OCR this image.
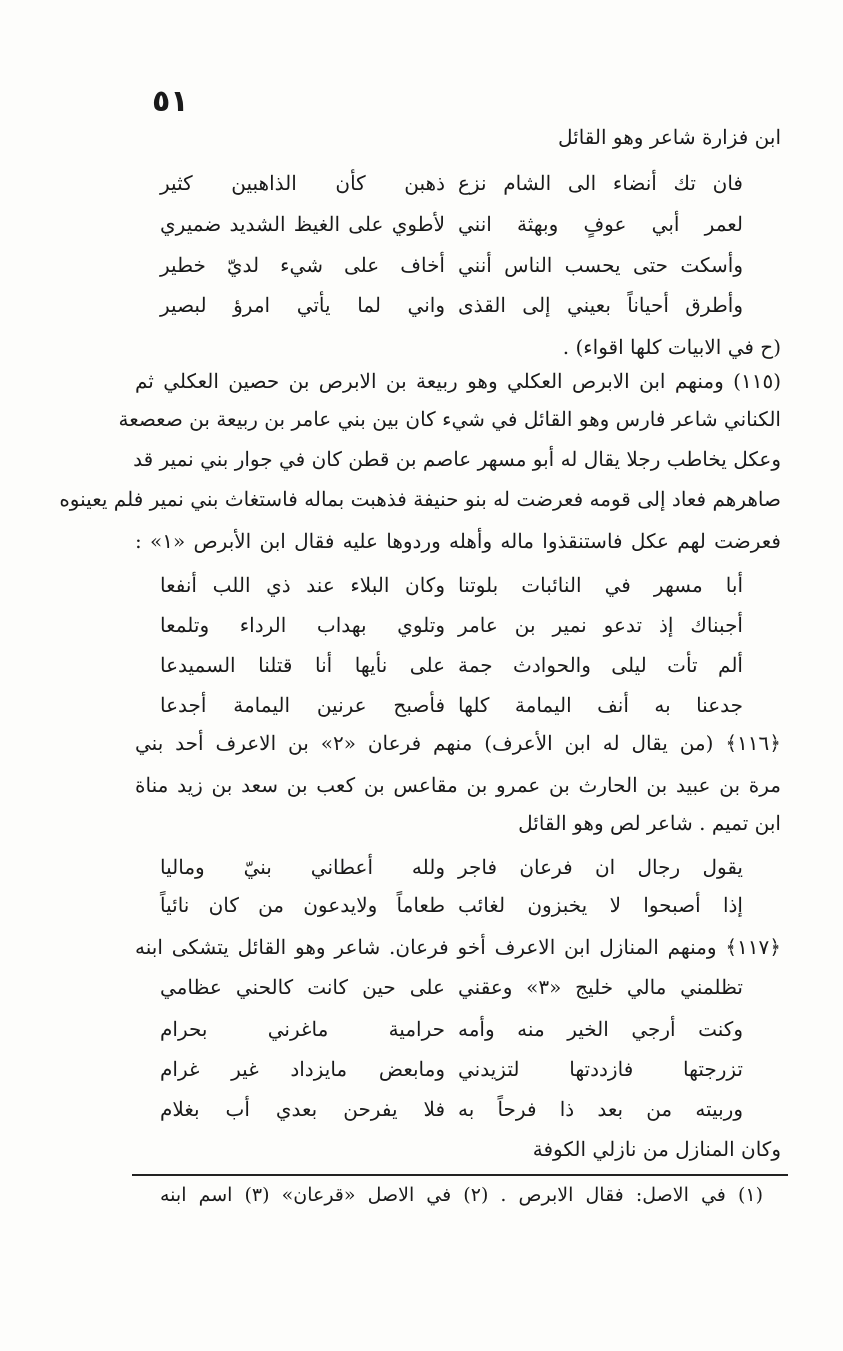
٥١
ابن فزارة شاعر وهو القائل
فان تك أنضاء الى الشام نزع
ذهبن كأن الذاهبين كثير
لعمر أبي عوفٍ وبهثة انني
لأطوي على الغيظ الشديد ضميري
وأسكت حتى يحسب الناس أنني
أخاف على شيء لديّ خطير
وأطرق أحياناً بعيني إلى القذى
واني لما يأتي امرؤ لبصير
(ح في الابيات كلها اقواء) .
(١١٥) ومنهم ابن الابرص العكلي وهو ربيعة بن الابرص بن حصين العكلي ثم
الكناني شاعر فارس وهو القائل في شيء كان بين بني عامر بن ربيعة بن صعصعة
وعكل يخاطب رجلا يقال له أبو مسهر عاصم بن قطن كان في جوار بني نمير قد
صاهرهم فعاد إلى قومه فعرضت له بنو حنيفة فذهبت بماله فاستغاث بني نمير فلم يعينوه
فعرضت لهم عكل فاستنقذوا ماله وأهله وردوها عليه فقال ابن الأبرص «١» :
أبا مسهر في النائبات بلوتنا
وكان البلاء عند ذي اللب أنفعا
أجبناك إذ تدعو نمير بن عامر
وتلوي بهداب الرداء وتلمعا
ألم تأت ليلى والحوادث جمة
على نأيها أنا قتلنا السميدعا
جدعنا به أنف اليمامة كلها
فأصبح عرنين اليمامة أجدعا
﴿١١٦﴾ (من يقال له ابن الأعرف) منهم فرعان «٢» بن الاعرف أحد بني
مرة بن عبيد بن الحارث بن عمرو بن مقاعس بن كعب بن سعد بن زيد مناة
ابن تميم . شاعر لص وهو القائل
يقول رجال ان فرعان فاجر
ولله أعطاني بنيّ وماليا
إذا أصبحوا لا يخبزون لغائب
طعاماً ولايدعون من كان نائياً
﴿١١٧﴾ ومنهم المنازل ابن الاعرف أخو فرعان. شاعر وهو القائل يتشكى ابنه
تظلمني مالي خليج «٣» وعقني
على حين كانت كالحني عظامي
وكنت أرجي الخير منه وأمه
حرامية ماغرني بحرام
تزرجتها فازددتها لتزيدني
ومابعض مايزداد غير غرام
وربيته من بعد ذا فرحاً به
فلا يفرحن بعدي أب بغلام
وكان المنازل من نازلي الكوفة
(١) في الاصل: فقال الابرص . (٢) في الاصل «قرعان» (٣) اسم ابنه
